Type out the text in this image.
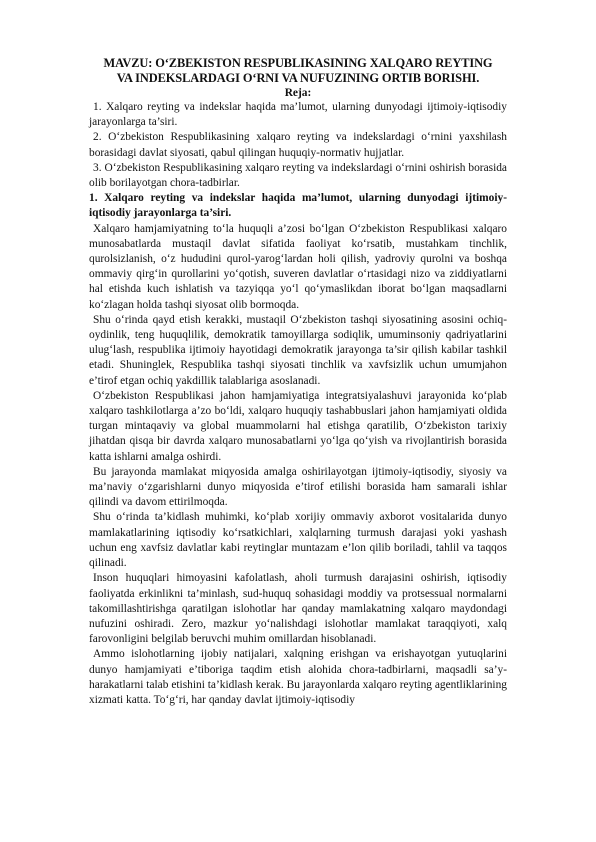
MAVZU: O‘ZBEKISTON RESPUBLIKASINING XALQARO REYTING
VA INDEKSLARDAGI O‘RNI VA NUFUZINING ORTIB BORISHI.
Reja:
1. Xalqaro reyting va indekslar haqida ma’lumot, ularning dunyodagi ijtimoiy-iqtisodiy jarayonlarga ta’siri.
2. O‘zbekiston Respublikasining xalqaro reyting va indekslardagi o‘rnini yaxshilash borasidagi davlat siyosati, qabul qilingan huquqiy-normativ hujjatlar.
3. O‘zbekiston Respublikasining xalqaro reyting va indekslardagi o‘rnini oshirish borasida olib borilayotgan chora-tadbirlar.
1. Xalqaro reyting va indekslar haqida ma’lumot, ularning dunyodagi ijtimoiy-iqtisodiy jarayonlarga ta’siri.
Xalqaro hamjamiyatning to‘la huquqli a’zosi bo‘lgan O‘zbekiston Respublikasi xalqaro munosabatlarda mustaqil davlat sifatida faoliyat ko‘rsatib, mustahkam tinchlik, qurolsizlanish, o‘z hududini qurol-yarog‘lardan holi qilish, yadroviy qurolni va boshqa ommaviy qirg‘in qurollarini yo‘qotish, suveren davlatlar o‘rtasidagi nizo va ziddiyatlarni hal etishda kuch ishlatish va tazyiqqa yo‘l qo‘ymaslikdan iborat bo‘lgan maqsadlarni ko‘zlagan holda tashqi siyosat olib bormoqda.
Shu o‘rinda qayd etish kerakki, mustaqil O‘zbekiston tashqi siyosatining asosini ochiq-oydinlik, teng huquqlilik, demokratik tamoyillarga sodiqlik, umuminsoniy qadriyatlarini ulug‘lash, respublika ijtimoiy hayotidagi demokratik jarayonga ta’sir qilish kabilar tashkil etadi. Shuninglek, Respublika tashqi siyosati tinchlik va xavfsizlik uchun umumjahon e’tirof etgan ochiq yakdillik talablariga asoslanadi.
O‘zbekiston Respublikasi jahon hamjamiyatiga integratsiyalashuvi jarayonida ko‘plab xalqaro tashkilotlarga a’zo bo‘ldi, xalqaro huquqiy tashabbuslari jahon hamjamiyati oldida turgan mintaqaviy va global muammolarni hal etishga qaratilib, O‘zbekiston tarixiy jihatdan qisqa bir davrda xalqaro munosabatlarni yo‘lga qo‘yish va rivojlantirish borasida katta ishlarni amalga oshirdi.
Bu jarayonda mamlakat miqyosida amalga oshirilayotgan ijtimoiy-iqtisodiy, siyosiy va ma’naviy o‘zgarishlarni dunyo miqyosida e’tirof etilishi borasida ham samarali ishlar qilindi va davom ettirilmoqda.
Shu o‘rinda ta’kidlash muhimki, ko‘plab xorijiy ommaviy axborot vositalarida dunyo mamlakatlarining iqtisodiy ko‘rsatkichlari, xalqlarning turmush darajasi yoki yashash uchun eng xavfsiz davlatlar kabi reytinglar muntazam e’lon qilib boriladi, tahlil va taqqos qilinadi.
Inson huquqlari himoyasini kafolatlash, aholi turmush darajasini oshirish, iqtisodiy faoliyatda erkinlikni ta’minlash, sud-huquq sohasidagi moddiy va protsessual normalarni takomillashtirishga qaratilgan islohotlar har qanday mamlakatning xalqaro maydondagi nufuzini oshiradi. Zero, mazkur yo‘nalishdagi islohotlar mamlakat taraqqiyoti, xalq farovonligini belgilab beruvchi muhim omillardan hisoblanadi.
Ammo islohotlarning ijobiy natijalari, xalqning erishgan va erishayotgan yutuqlarini dunyo hamjamiyati e’tiboriga taqdim etish alohida chora-tadbirlarni, maqsadli sa’y-harakatlarni talab etishini ta’kidlash kerak. Bu jarayonlarda xalqaro reyting agentliklarining xizmati katta. To‘g‘ri, har qanday davlat ijtimoiy-iqtisodiy
